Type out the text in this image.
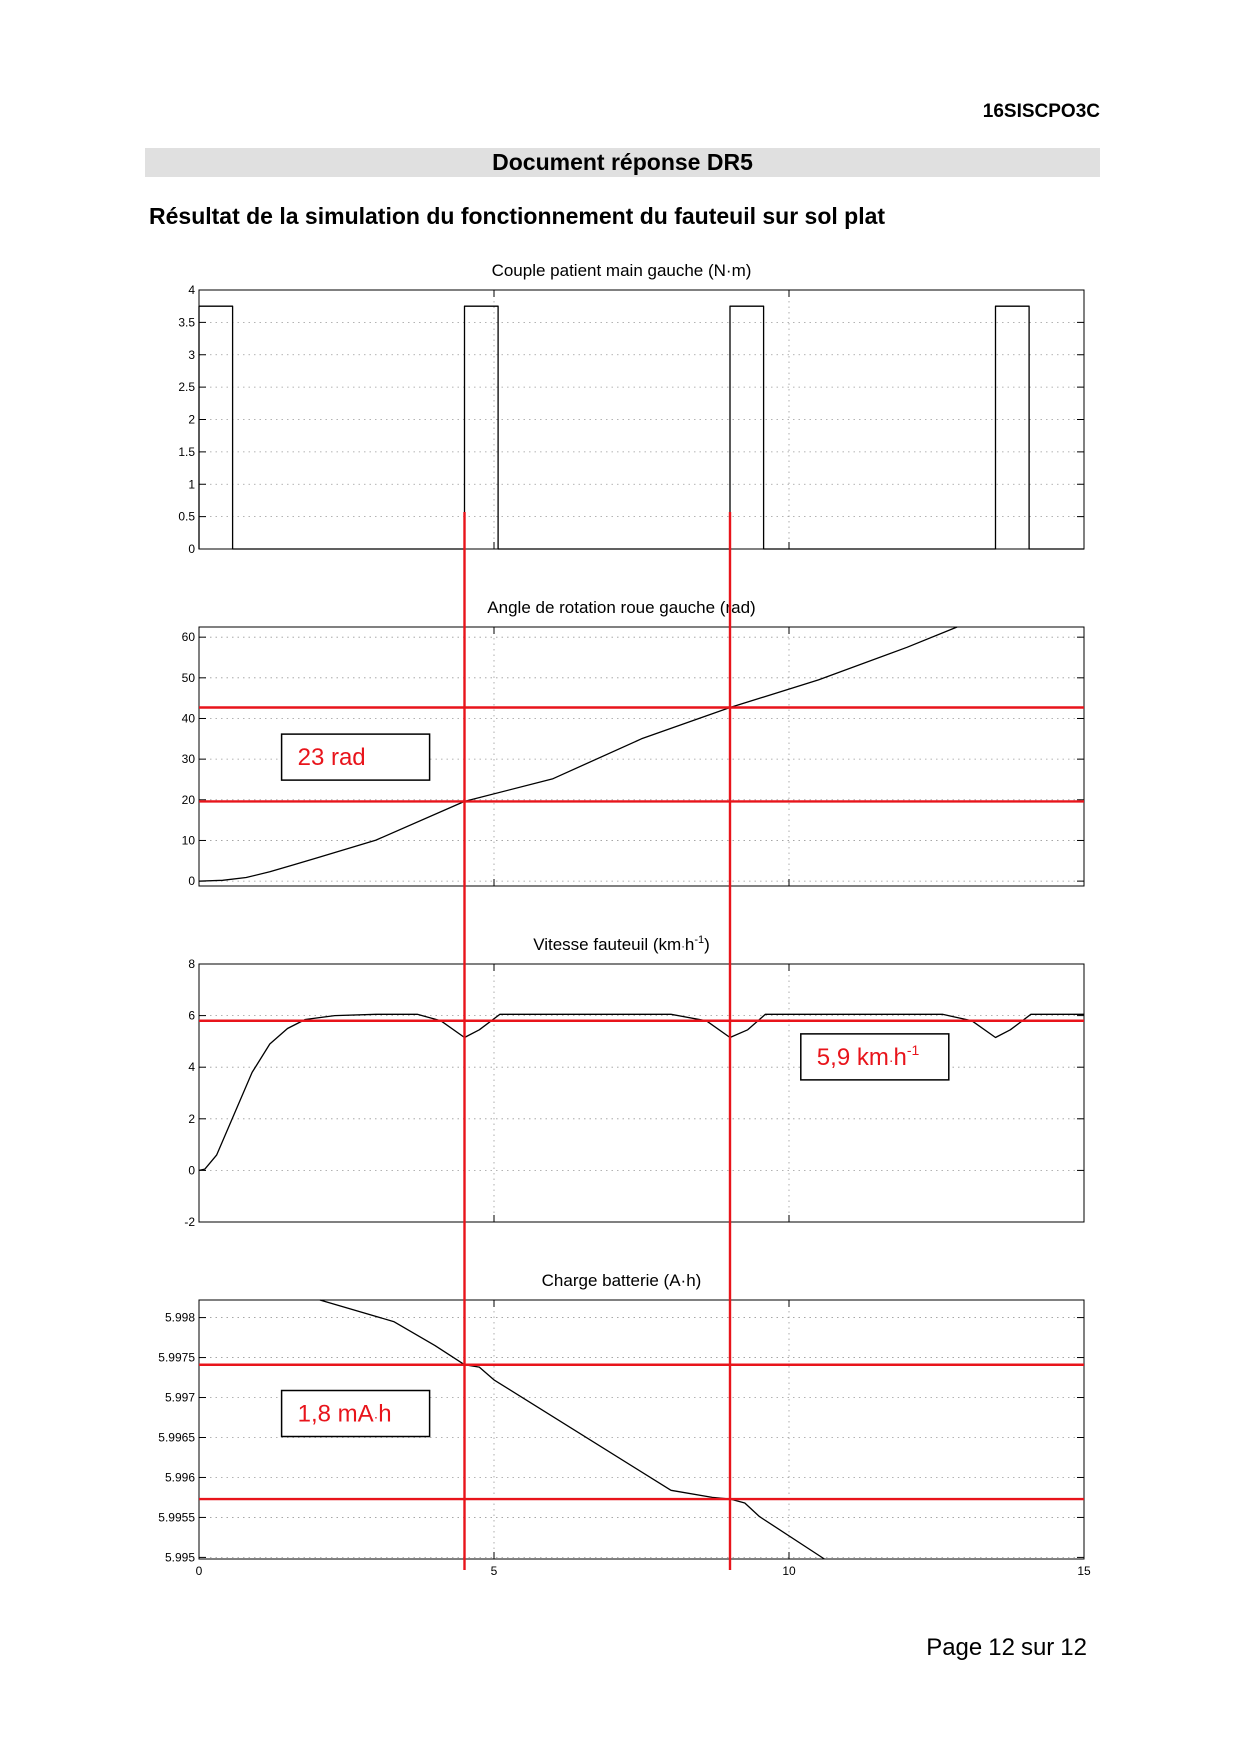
16SISCPO3C
Document réponse DR5
Résultat de la simulation du fonctionnement du fauteuil sur sol plat
0
0.5
1
1.5
2
2.5
3
3.5
4
Couple patient main gauche (N·m)
0
10
20
30
40
50
60
Angle de rotation roue gauche (rad)
-2
0
2
4
6
8
Vitesse fauteuil $(km\cdot h^{-1})$
5.995
5.9955
5.996
5.9965
5.997
5.9975
5.998
0	5	10	15
Charge batterie (A·h)
23 rad
5,9 $km\cdot h^{-1}$
1,8 mA·h
Page 12 sur 12
